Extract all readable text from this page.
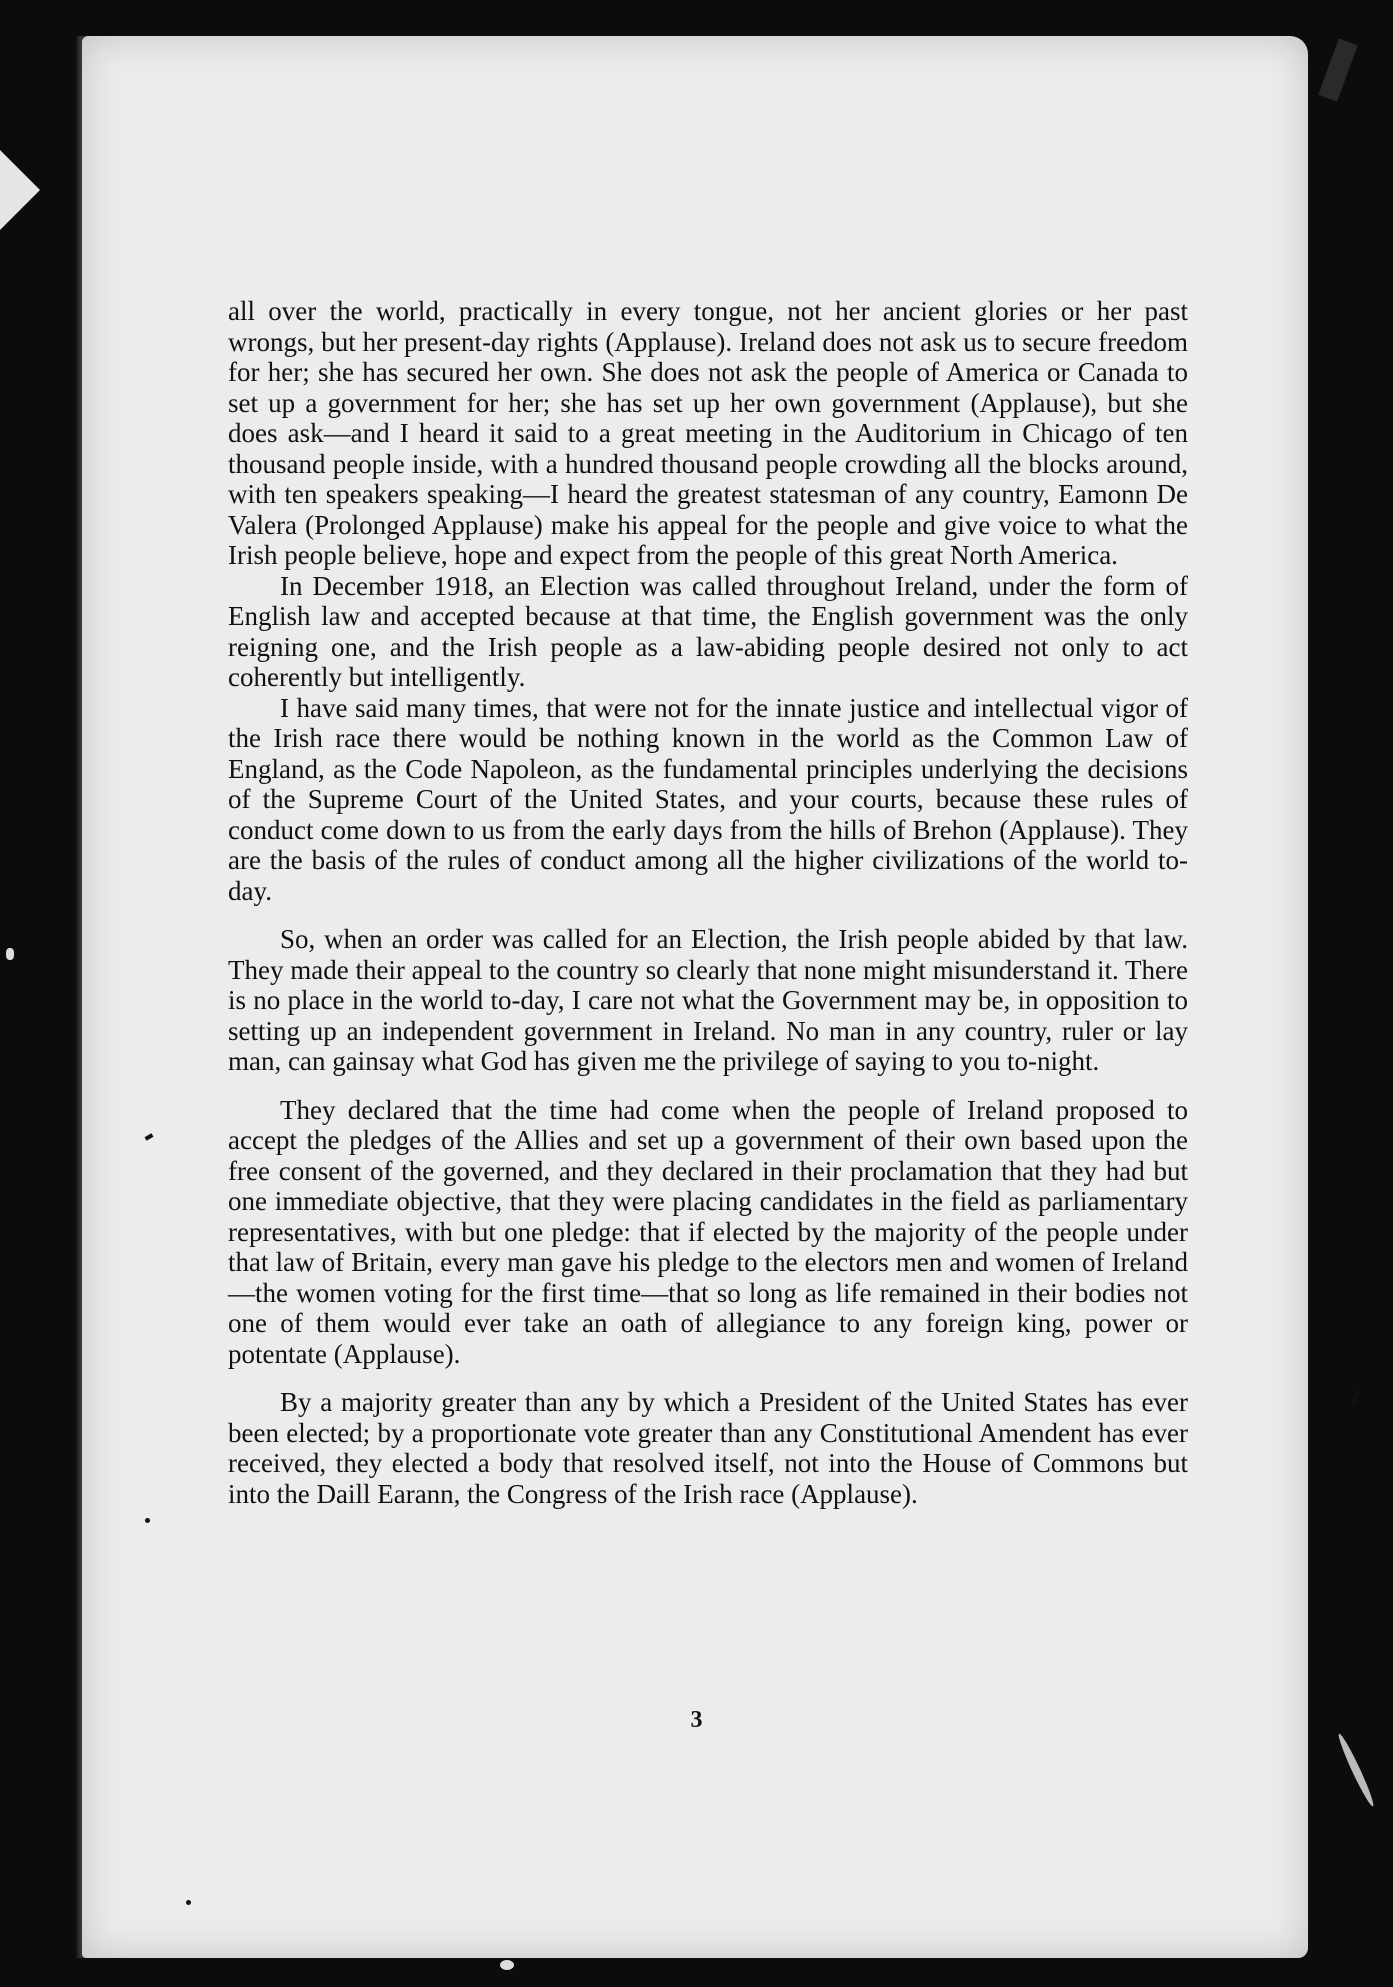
all over the world, practically in every tongue, not her ancient glories or her past wrongs, but her present-day rights (Applause). Ireland does not ask us to secure freedom for her; she has secured her own. She does not ask the people of America or Canada to set up a government for her; she has set up her own government (Applause), but she does ask—and I heard it said to a great meeting in the Auditorium in Chicago of ten thousand people inside, with a hundred thousand people crowding all the blocks around, with ten speakers speaking—I heard the greatest statesman of any country, Eamonn De Valera (Prolonged Applause) make his appeal for the people and give voice to what the Irish people believe, hope and expect from the people of this great North America.

In December 1918, an Election was called throughout Ireland, under the form of English law and accepted because at that time, the English government was the only reigning one, and the Irish people as a law-abiding people desired not only to act coherently but intelligently.

I have said many times, that were not for the innate justice and intellectual vigor of the Irish race there would be nothing known in the world as the Common Law of England, as the Code Napoleon, as the fundamental principles underlying the decisions of the Supreme Court of the United States, and your courts, because these rules of conduct come down to us from the early days from the hills of Brehon (Applause). They are the basis of the rules of conduct among all the higher civilizations of the world to-day.

So, when an order was called for an Election, the Irish people abided by that law. They made their appeal to the country so clearly that none might misunderstand it. There is no place in the world to-day, I care not what the Government may be, in opposition to setting up an independent government in Ireland. No man in any country, ruler or lay man, can gainsay what God has given me the privilege of saying to you to-night.

They declared that the time had come when the people of Ireland proposed to accept the pledges of the Allies and set up a government of their own based upon the free consent of the governed, and they declared in their proclamation that they had but one immediate objective, that they were placing candidates in the field as parliamentary representatives, with but one pledge: that if elected by the majority of the people under that law of Britain, every man gave his pledge to the electors men and women of Ireland—the women voting for the first time—that so long as life remained in their bodies not one of them would ever take an oath of allegiance to any foreign king, power or potentate (Applause).

By a majority greater than any by which a President of the United States has ever been elected; by a proportionate vote greater than any Constitutional Amendent has ever received, they elected a body that resolved itself, not into the House of Commons but into the Daill Earann, the Congress of the Irish race (Applause).

3
